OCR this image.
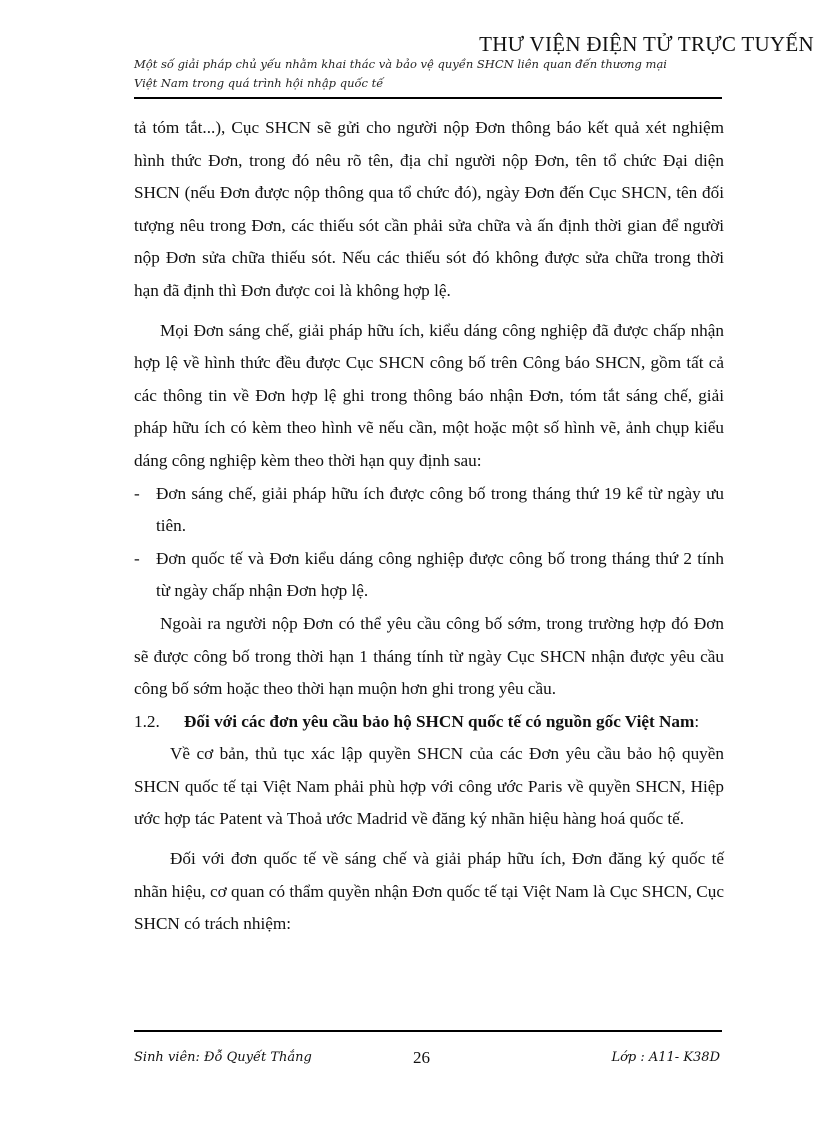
THƯ VIỆN ĐIỆN TỬ TRỰC TUYẾN
Một số giải pháp chủ yếu nhằm khai thác và bảo vệ quyền SHCN liên quan đến thương mại
Việt Nam trong quá trình hội nhập quốc tế

tả tóm tắt...), Cục SHCN sẽ gửi cho người nộp Đơn thông báo kết quả xét nghiệm hình thức Đơn, trong đó nêu rõ tên, địa chỉ người nộp Đơn, tên tổ chức Đại diện SHCN (nếu Đơn được nộp thông qua tổ chức đó), ngày Đơn đến Cục SHCN, tên đối tượng nêu trong Đơn, các thiếu sót cần phải sửa chữa và ấn định thời gian để người nộp Đơn sửa chữa thiếu sót. Nếu các thiếu sót đó không được sửa chữa trong thời hạn đã định thì Đơn được coi là không hợp lệ.

Mọi Đơn sáng chế, giải pháp hữu ích, kiểu dáng công nghiệp đã được chấp nhận hợp lệ về hình thức đều được Cục SHCN công bố trên Công báo SHCN, gồm tất cả các thông tin về Đơn hợp lệ ghi trong thông báo nhận Đơn, tóm tắt sáng chế, giải pháp hữu ích có kèm theo hình vẽ nếu cần, một hoặc một số hình vẽ, ảnh chụp kiểu dáng công nghiệp kèm theo thời hạn quy định sau:

- Đơn sáng chế, giải pháp hữu ích được công bố trong tháng thứ 19 kể từ ngày ưu tiên.

- Đơn quốc tế và Đơn kiểu dáng công nghiệp được công bố trong tháng thứ 2 tính từ ngày chấp nhận Đơn hợp lệ.

Ngoài ra người nộp Đơn có thể yêu cầu công bố sớm, trong trường hợp đó Đơn sẽ được công bố trong thời hạn 1 tháng tính từ ngày Cục SHCN nhận được yêu cầu công bố sớm hoặc theo thời hạn muộn hơn ghi trong yêu cầu.

1.2. Đối với các đơn yêu cầu bảo hộ SHCN quốc tế có nguồn gốc Việt Nam:

Về cơ bản, thủ tục xác lập quyền SHCN của các Đơn yêu cầu bảo hộ quyền SHCN quốc tế tại Việt Nam phải phù hợp với công ước Paris về quyền SHCN, Hiệp ước hợp tác Patent và Thoả ước Madrid về đăng ký nhãn hiệu hàng hoá quốc tế.

Đối với đơn quốc tế về sáng chế và giải pháp hữu ích, Đơn đăng ký quốc tế nhãn hiệu, cơ quan có thẩm quyền nhận Đơn quốc tế tại Việt Nam là Cục SHCN, Cục SHCN có trách nhiệm:

Sinh viên: Đỗ Quyết Thắng	26	Lớp : A11- K38D
